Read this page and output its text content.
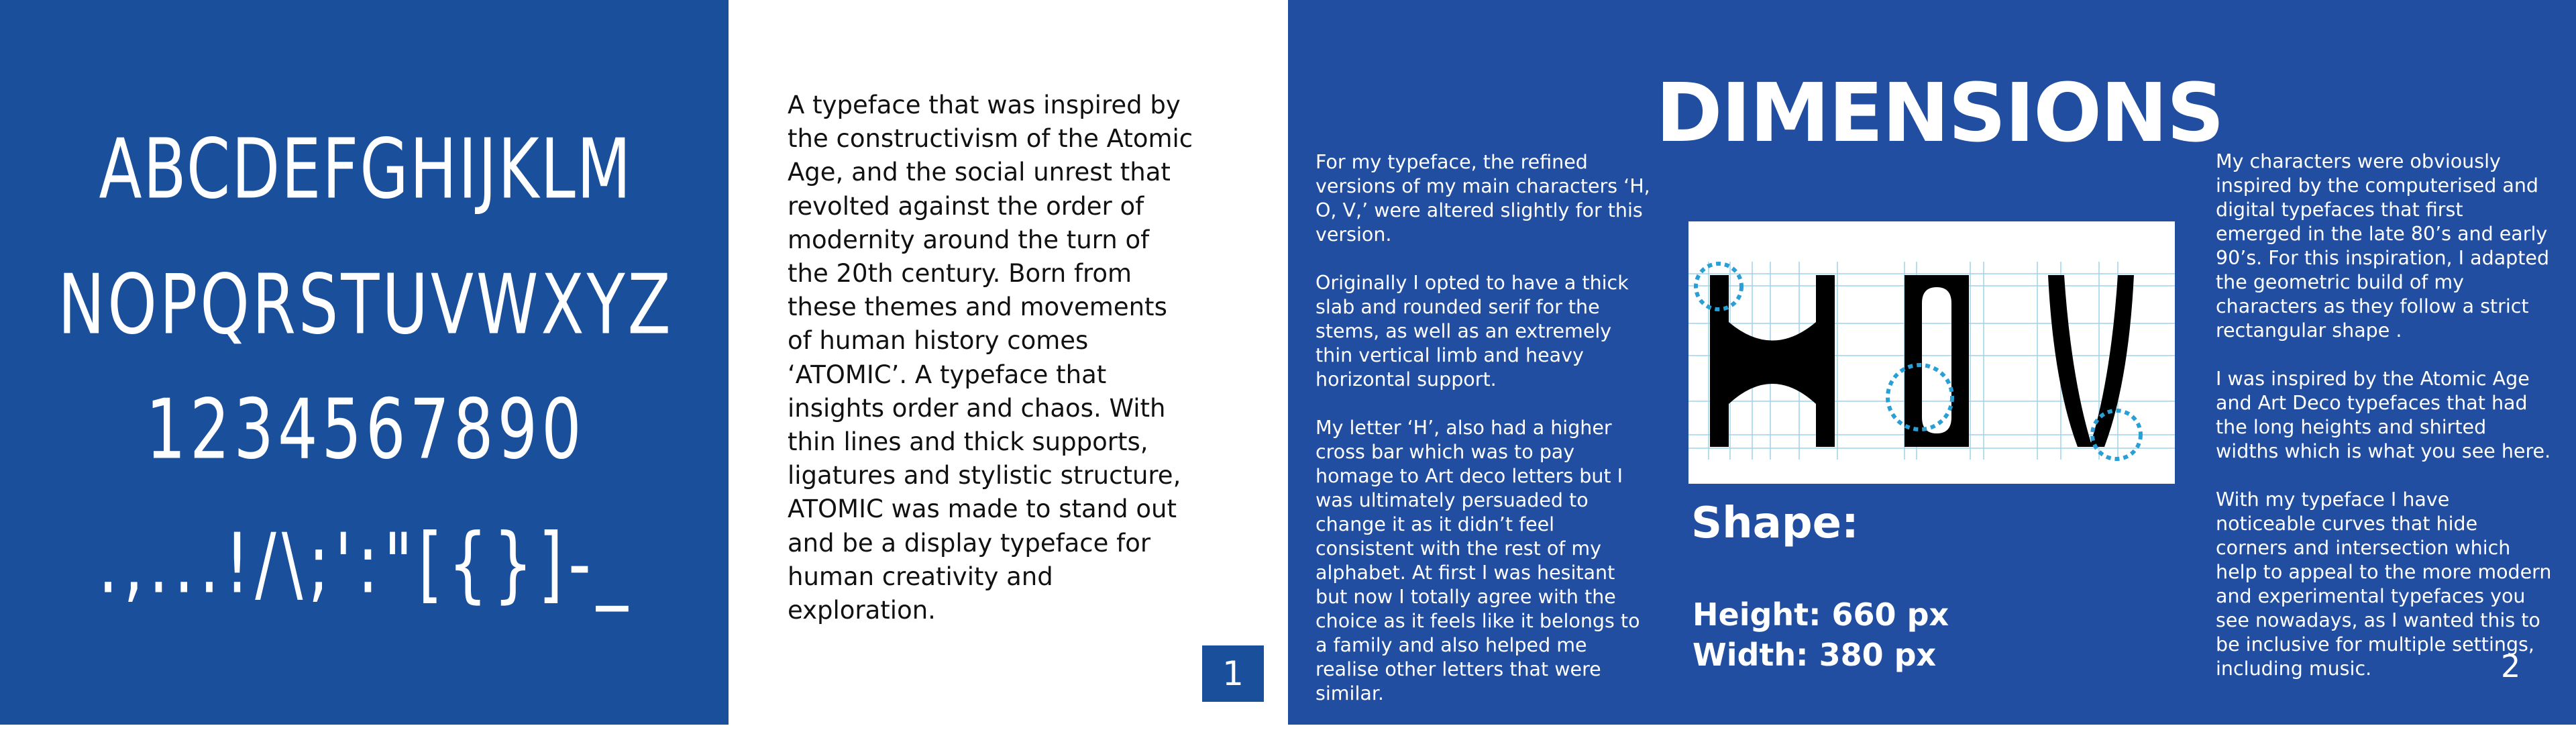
ABCDEFGHIJKLM
NOPQRSTUVWXYZ
1234567890
.,...!/\;':"[{}]-_

A typeface that was inspired by the constructivism of the Atomic Age, and the social unrest that revolted against the order of modernity around the turn of the 20th century. Born from these themes and movements of human history comes ‘ATOMIC’. A typeface that insights order and chaos. With thin lines and thick supports, ligatures and stylistic structure, ATOMIC was made to stand out and be a display typeface for human creativity and exploration.

1

For my typeface, the refined versions of my main characters ‘H, O, V,’ were altered slightly for this version.

Originally I opted to have a thick slab and rounded serif for the stems, as well as an extremely thin vertical limb and heavy horizontal support.

My letter ‘H’, also had a higher cross bar which was to pay homage to Art deco letters but I was ultimately persuaded to change it as it didn’t feel consistent with the rest of my alphabet. At first I was hesitant but now I totally agree with the choice as it feels like it belongs to a family and also helped me realise other letters that were similar.

DIMENSIONS
Shape:
Height: 660 px
Width: 380 px

My characters were obviously inspired by the computerised and digital typefaces that first emerged in the late 80’s and early 90’s. For this inspiration, I adapted the geometric build of my characters as they follow a strict rectangular shape .

I was inspired by the Atomic Age and Art Deco typefaces that had the long heights and shirted widths which is what you see here.

With my typeface I have noticeable curves that hide corners and intersection which help to appeal to the more modern and experimental typefaces you see nowadays, as I wanted this to be inclusive for multiple settings, including music.	2
